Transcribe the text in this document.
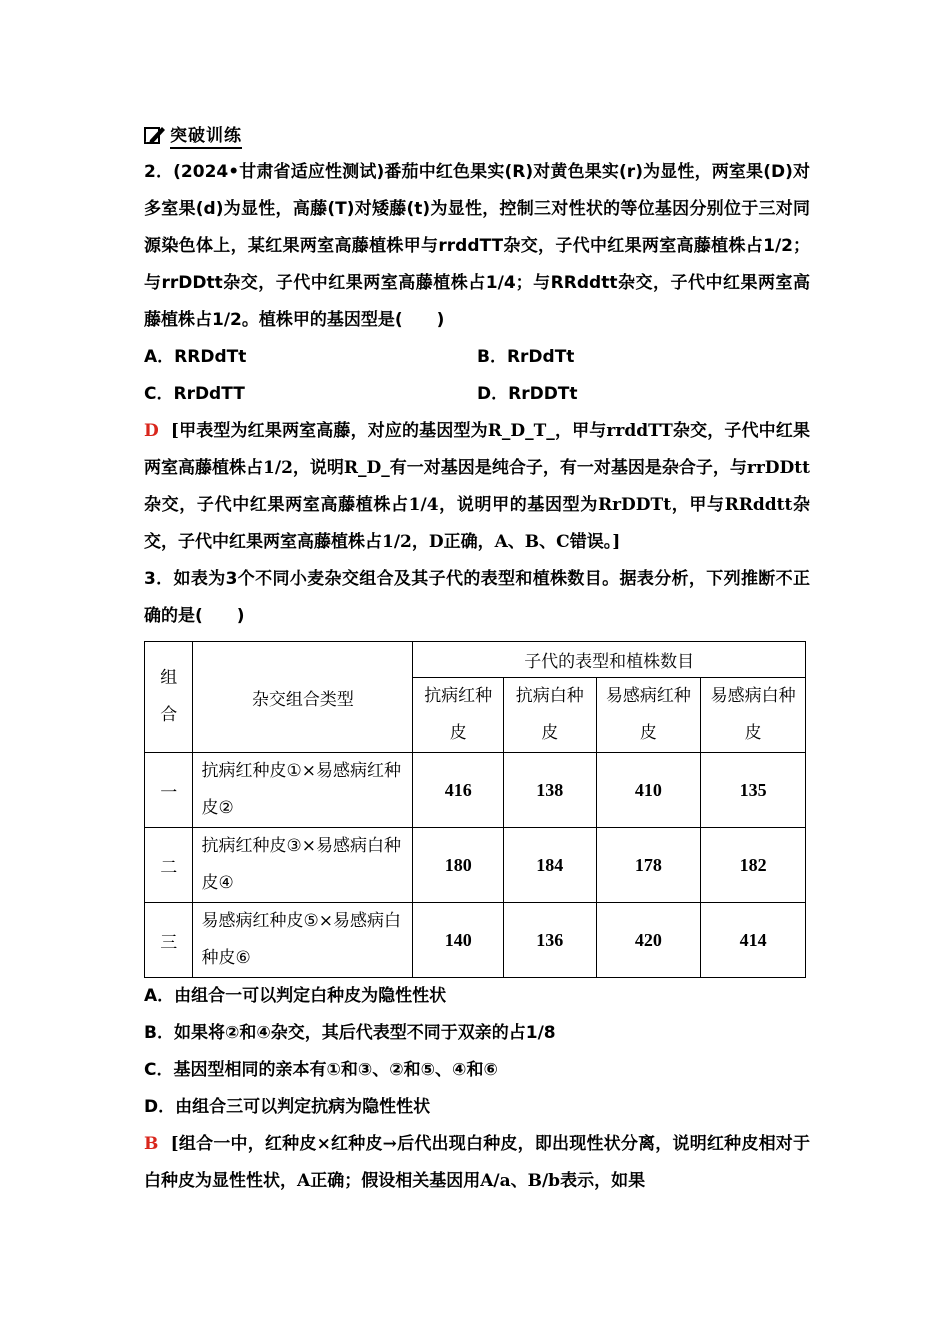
突破训练

2．(2024•甘肃省适应性测试)番茄中红色果实(R)对黄色果实(r)为显性，两室果(D)对多室果(d)为显性，高藤(T)对矮藤(t)为显性，控制三对性状的等位基因分别位于三对同源染色体上，某红果两室高藤植株甲与rrddTT杂交，子代中红果两室高藤植株占1/2；与rrDDtt杂交，子代中红果两室高藤植株占1/4；与RRddtt杂交，子代中红果两室高藤植株占1/2。植株甲的基因型是(　　)

A．RRDdTt	B．RrDdTt
C．RrDdTT	D．RrDDTt

D [甲表型为红果两室高藤，对应的基因型为R_D_T_，甲与rrddTT杂交，子代中红果两室高藤植株占1/2，说明R_D_有一对基因是纯合子，有一对基因是杂合子，与rrDDtt杂交，子代中红果两室高藤植株占1/4，说明甲的基因型为RrDDTt，甲与RRddtt杂交，子代中红果两室高藤植株占1/2，D正确，A、B、C错误。]

3．如表为3个不同小麦杂交组合及其子代的表型和植株数目。据表分析，下列推断不正确的是(　　)

组合	杂交组合类型	子代的表型和植株数目			

		抗病红种皮	抗病白种皮	易感病红种皮	易感病白种皮

一	抗病红种皮①×易感病红种皮②	416	138	410	135
二	抗病红种皮③×易感病白种皮④	180	184	178	182
三	易感病红种皮⑤×易感病白种皮⑥	140	136	420	414
A．由组合一可以判定白种皮为隐性性状
B．如果将②和④杂交，其后代表型不同于双亲的占1/8
C．基因型相同的亲本有①和③、②和⑤、④和⑥
D．由组合三可以判定抗病为隐性性状

B [组合一中，红种皮×红种皮→后代出现白种皮，即出现性状分离，说明红种皮相对于白种皮为显性性状，A正确；假设相关基因用A/a、B/b表示，如果
